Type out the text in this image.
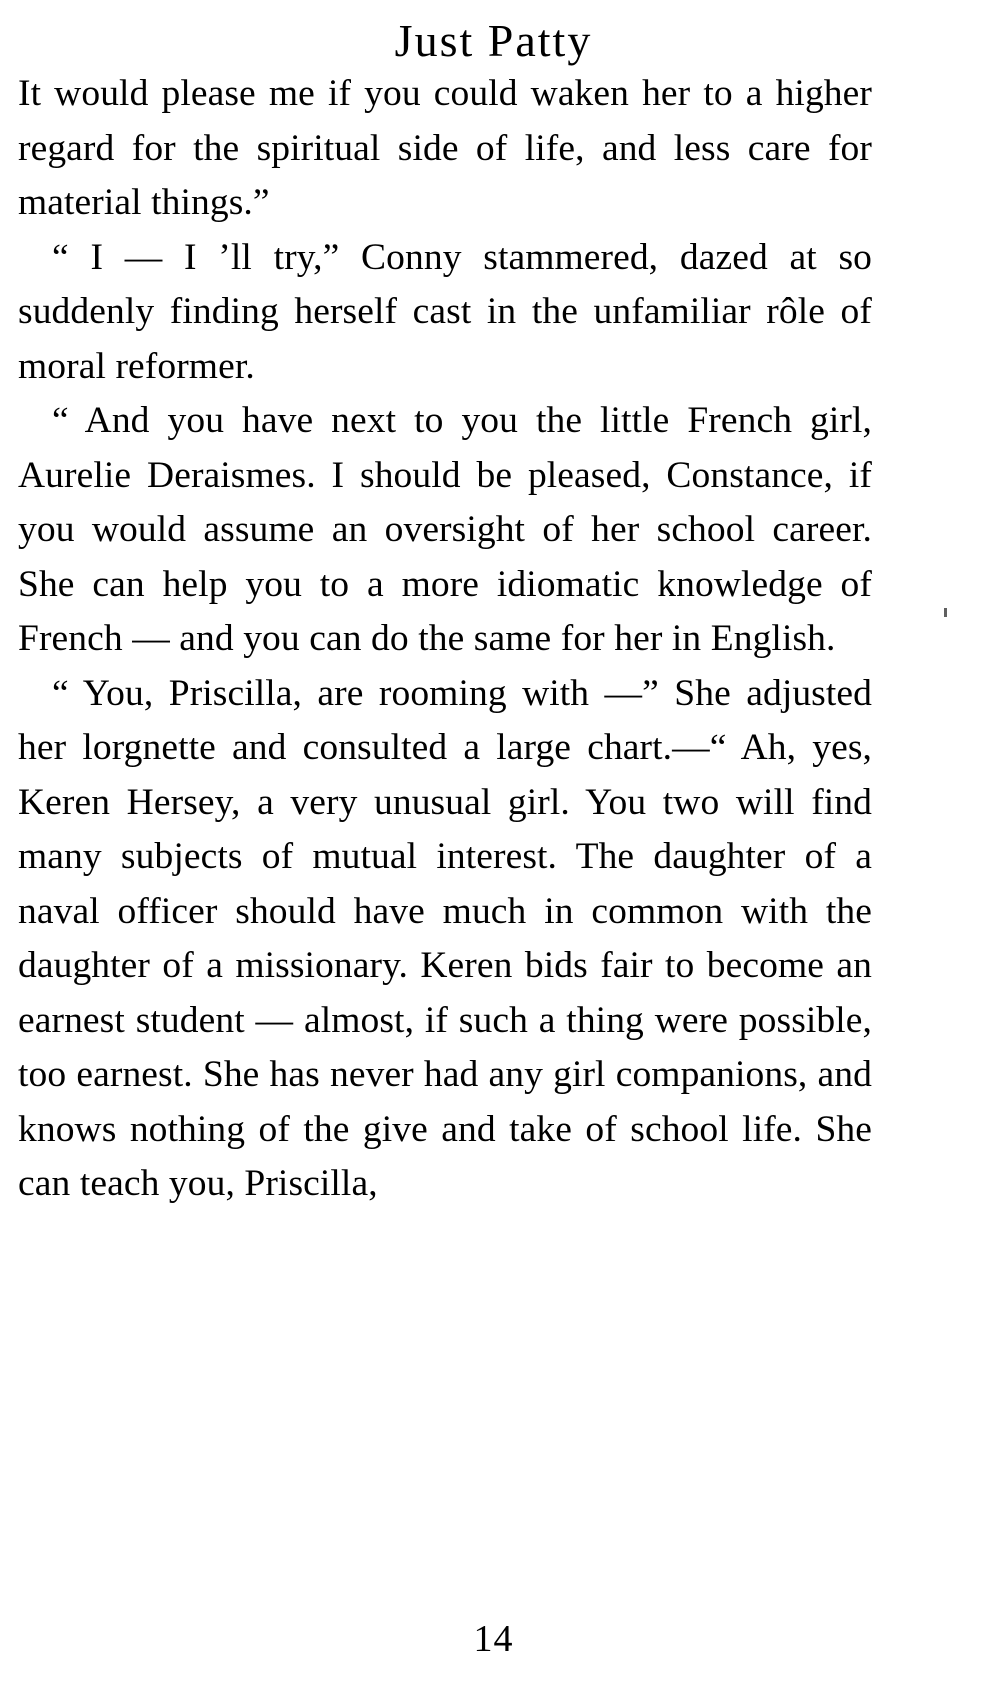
Just Patty

It would please me if you could waken her to a higher regard for the spiritual side of life, and less care for material things.”

“ I — I ’ll try,” Conny stammered, dazed at so suddenly finding herself cast in the unfamiliar rôle of moral reformer.

“ And you have next to you the little French girl, Aurelie Deraismes. I should be pleased, Constance, if you would assume an oversight of her school career. She can help you to a more idiomatic knowledge of French — and you can do the same for her in English.

“ You, Priscilla, are rooming with —” She adjusted her lorgnette and consulted a large chart.—“ Ah, yes, Keren Hersey, a very unusual girl. You two will find many subjects of mutual interest. The daughter of a naval officer should have much in common with the daughter of a missionary. Keren bids fair to become an earnest student — almost, if such a thing were possible, too earnest. She has never had any girl companions, and knows nothing of the give and take of school life. She can teach you, Priscilla,

14
